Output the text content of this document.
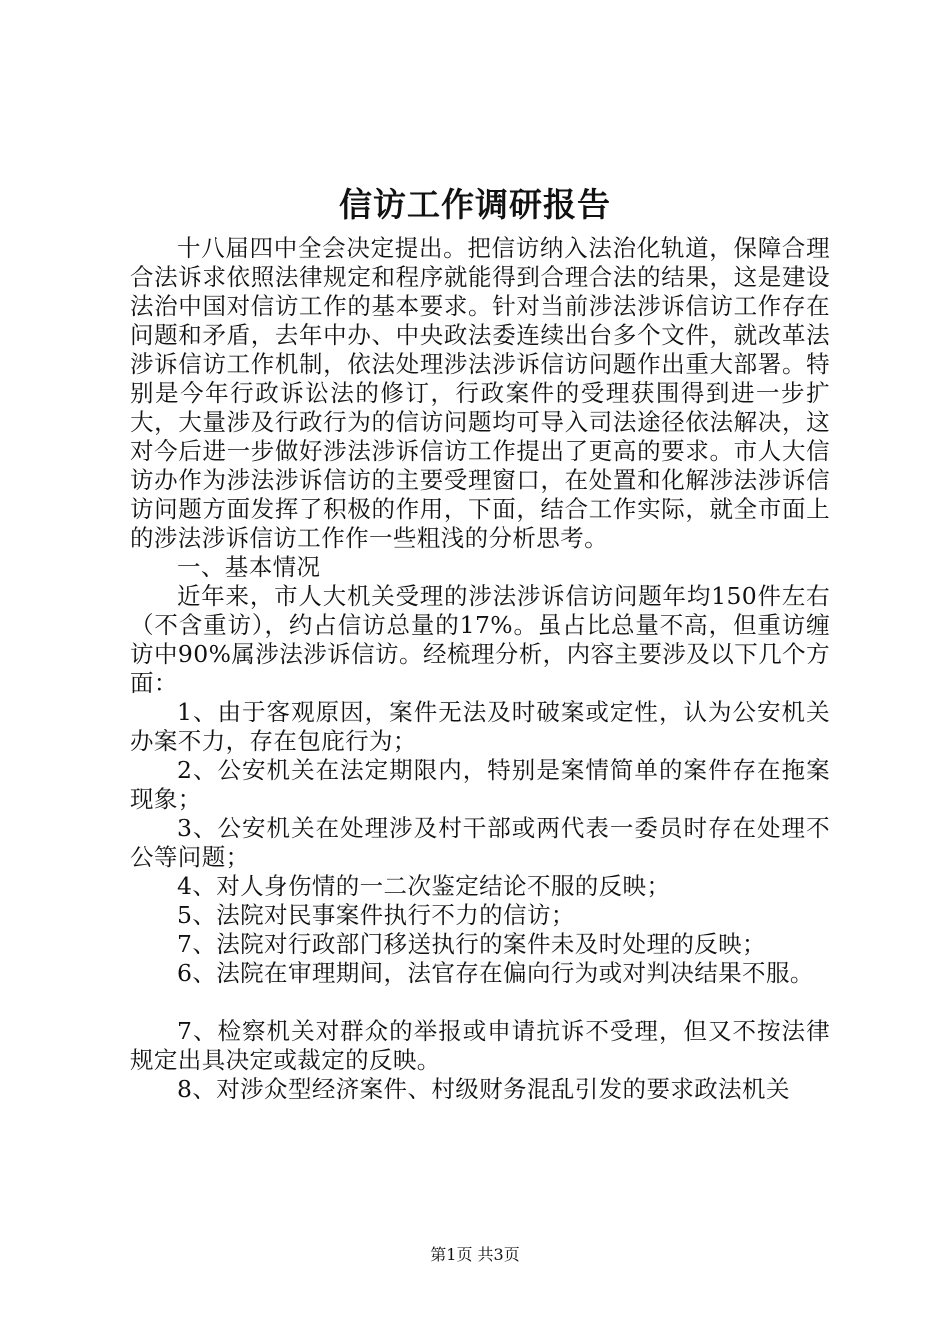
信访工作调研报告

十八届四中全会决定提出。把信访纳入法治化轨道，保障合理合法诉求依照法律规定和程序就能得到合理合法的结果，这是建设法治中国对信访工作的基本要求。针对当前涉法涉诉信访工作存在问题和矛盾，去年中办、中央政法委连续出台多个文件，就改革法涉诉信访工作机制，依法处理涉法涉诉信访问题作出重大部署。特别是今年行政诉讼法的修订，行政案件的受理获围得到进一步扩大，大量涉及行政行为的信访问题均可导入司法途径依法解决，这对今后进一步做好涉法涉诉信访工作提出了更高的要求。市人大信访办作为涉法涉诉信访的主要受理窗口，在处置和化解涉法涉诉信访问题方面发挥了积极的作用，下面，结合工作实际，就全市面上的涉法涉诉信访工作作一些粗浅的分析思考。

一、基本情况

近年来，市人大机关受理的涉法涉诉信访问题年均150件左右（不含重访），约占信访总量的17%。虽占比总量不高，但重访缠访中90%属涉法涉诉信访。经梳理分析，内容主要涉及以下几个方面：

1、由于客观原因，案件无法及时破案或定性，认为公安机关办案不力，存在包庇行为；

2、公安机关在法定期限内，特别是案情简单的案件存在拖案现象；

3、公安机关在处理涉及村干部或两代表一委员时存在处理不公等问题；

4、对人身伤情的一二次鉴定结论不服的反映；

5、法院对民事案件执行不力的信访；

7、法院对行政部门移送执行的案件未及时处理的反映；

6、法院在审理期间，法官存在偏向行为或对判决结果不服。

7、检察机关对群众的举报或申请抗诉不受理，但又不按法律规定出具决定或裁定的反映。

8、对涉众型经济案件、村级财务混乱引发的要求政法机关

第1页 共3页
